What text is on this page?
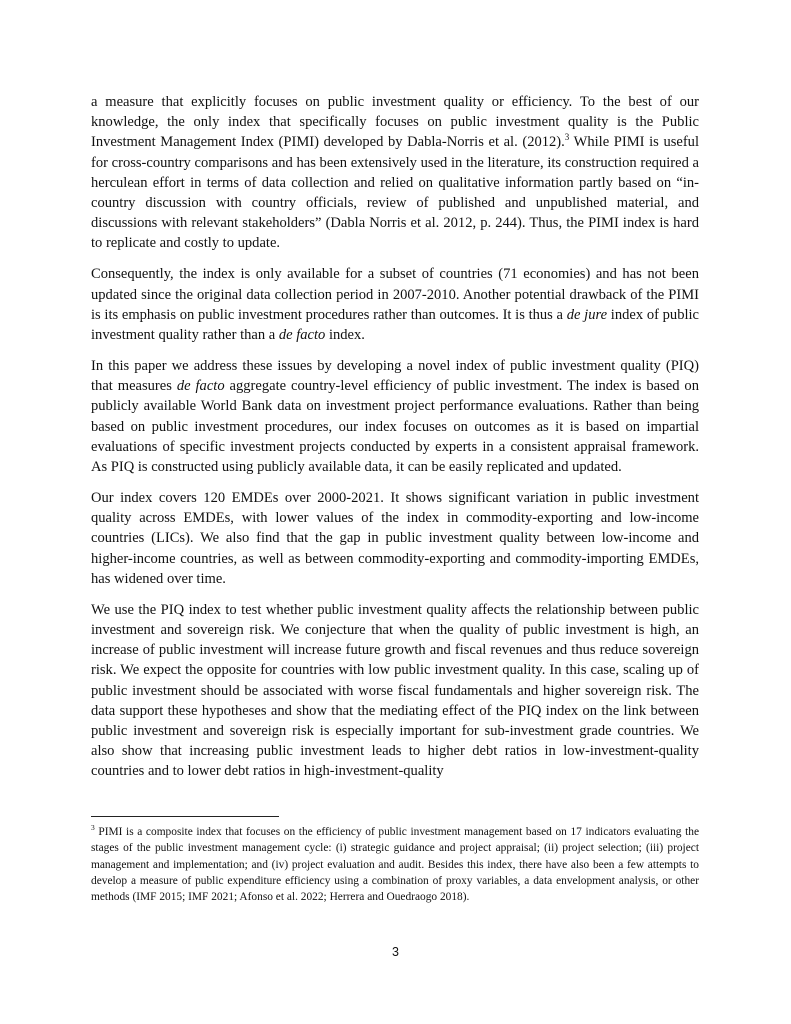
a measure that explicitly focuses on public investment quality or efficiency. To the best of our knowledge, the only index that specifically focuses on public investment quality is the Public Investment Management Index (PIMI) developed by Dabla-Norris et al. (2012).$^3$ While PIMI is useful for cross-country comparisons and has been extensively used in the literature, its construction required a herculean effort in terms of data collection and relied on qualitative information partly based on “in-country discussion with country officials, review of published and unpublished material, and discussions with relevant stakeholders” (Dabla Norris et al. 2012, p. 244). Thus, the PIMI index is hard to replicate and costly to update.

Consequently, the index is only available for a subset of countries (71 economies) and has not been updated since the original data collection period in 2007-2010. Another potential drawback of the PIMI is its emphasis on public investment procedures rather than outcomes. It is thus a de jure index of public investment quality rather than a de facto index.

In this paper we address these issues by developing a novel index of public investment quality (PIQ) that measures de facto aggregate country-level efficiency of public investment. The index is based on publicly available World Bank data on investment project performance evaluations. Rather than being based on public investment procedures, our index focuses on outcomes as it is based on impartial evaluations of specific investment projects conducted by experts in a consistent appraisal framework. As PIQ is constructed using publicly available data, it can be easily replicated and updated.

Our index covers 120 EMDEs over 2000-2021. It shows significant variation in public investment quality across EMDEs, with lower values of the index in commodity-exporting and low-income countries (LICs). We also find that the gap in public investment quality between low-income and higher-income countries, as well as between commodity-exporting and commodity-importing EMDEs, has widened over time.

We use the PIQ index to test whether public investment quality affects the relationship between public investment and sovereign risk. We conjecture that when the quality of public investment is high, an increase of public investment will increase future growth and fiscal revenues and thus reduce sovereign risk. We expect the opposite for countries with low public investment quality. In this case, scaling up of public investment should be associated with worse fiscal fundamentals and higher sovereign risk. The data support these hypotheses and show that the mediating effect of the PIQ index on the link between public investment and sovereign risk is especially important for sub-investment grade countries. We also show that increasing public investment leads to higher debt ratios in low-investment-quality countries and to lower debt ratios in high-investment-quality

$^3$ PIMI is a composite index that focuses on the efficiency of public investment management based on 17 indicators evaluating the stages of the public investment management cycle: (i) strategic guidance and project appraisal; (ii) project selection; (iii) project management and implementation; and (iv) project evaluation and audit. Besides this index, there have also been a few attempts to develop a measure of public expenditure efficiency using a combination of proxy variables, a data envelopment analysis, or other methods (IMF 2015; IMF 2021; Afonso et al. 2022; Herrera and Ouedraogo 2018).

3
